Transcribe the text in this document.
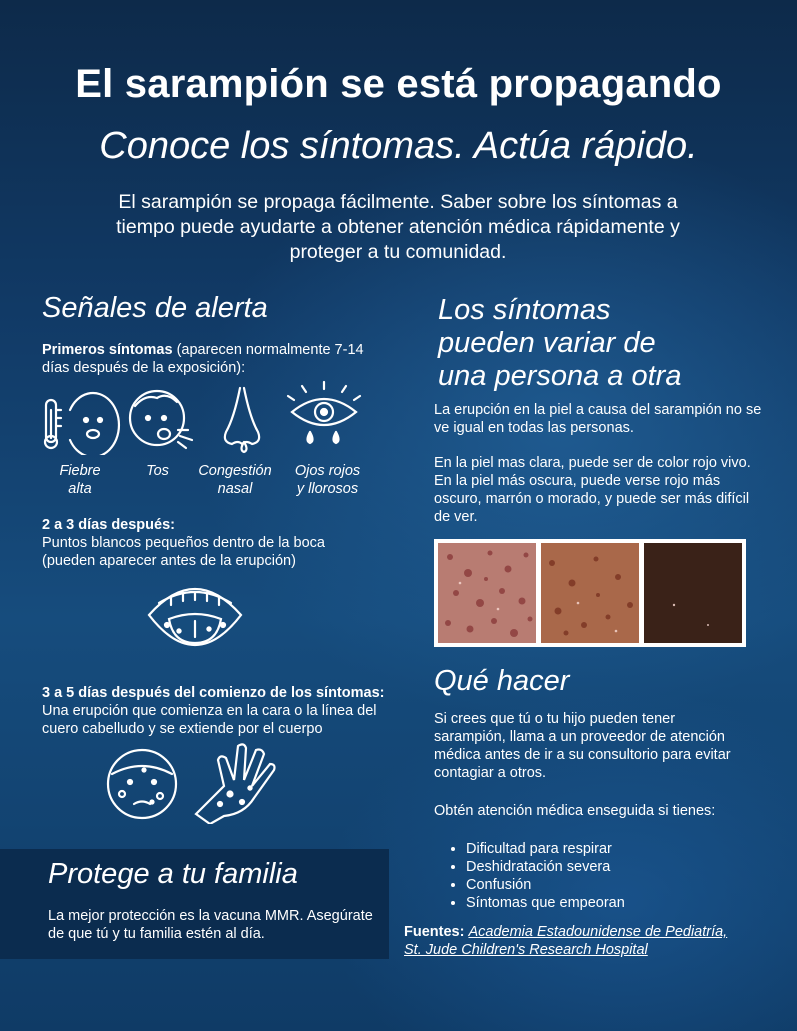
El sarampión se está propagando
Conoce los síntomas. Actúa rápido.
El sarampión se propaga fácilmente. Saber sobre los síntomas a tiempo puede ayudarte a obtener atención médica rápidamente y proteger a tu comunidad.
Señales de alerta
Primeros síntomas (aparecen normalmente 7-14 días después de la exposición):
Fiebre
alta
Tos	Congestión
nasal
Ojos rojos
y llorosos
2 a 3 días después:
Puntos blancos pequeños dentro de la boca (pueden aparecer antes de la erupción)
3 a 5 días después del comienzo de los síntomas:
Una erupción que comienza en la cara o la línea del cuero cabelludo y se extiende por el cuerpo
Protege a tu familia
La mejor protección es la vacuna MMR. Asegúrate de que tú y tu familia estén al día.
Los síntomas
pueden variar de
una persona a otra
La erupción en la piel a causa del sarampión no se ve igual en todas las personas.
En la piel mas clara, puede ser de color rojo vivo. En la piel más oscura, puede verse rojo más oscuro, marrón o morado, y puede ser más difícil de ver.
Qué hacer
Si crees que tú o tu hijo pueden tener sarampión, llama a un proveedor de atención médica antes de ir a su consultorio para evitar contagiar a otros.
Obtén atención médica enseguida si tienes:
• Dificultad para respirar
• Deshidratación severa
• Confusión
• Síntomas que empeoran
Fuentes: Academia Estadounidense de Pediatría,
St. Jude Children's Research Hospital
